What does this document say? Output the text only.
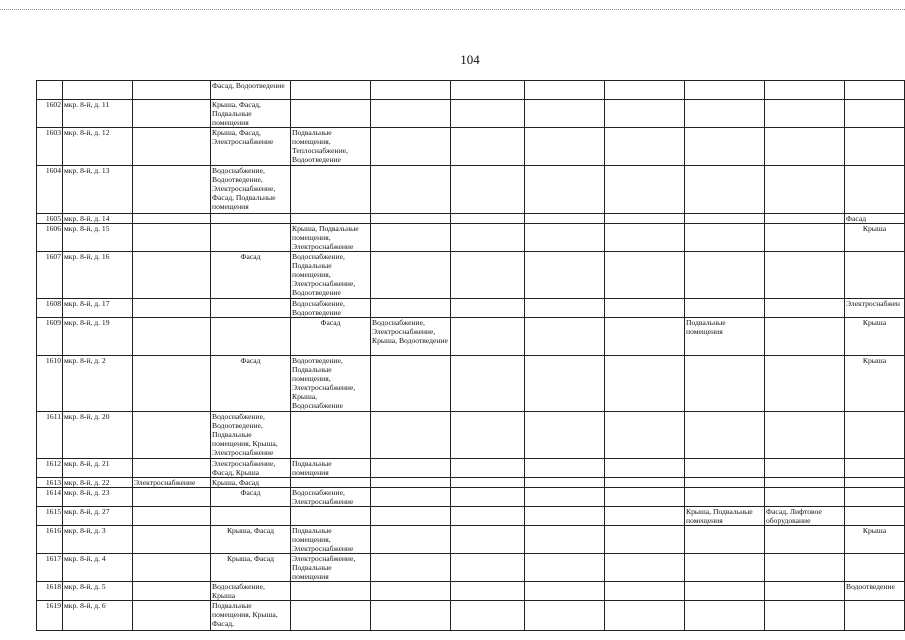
104
			Фасад, Водоотведение								
1602	мкр. 8-й, д. 11		Крыша, Фасад, Подвальные помещения								
1603	мкр. 8-й, д. 12		Крыша, Фасад, Электроснабжение	Подвальные помещения, Теплоснабжение, Водоотведение							
1604	мкр. 8-й, д. 13		Водоснабжение, Водоотведение, Электроснабжение, Фасад, Подвальные помещения								
1605	мкр. 8-й, д. 14										Фасад
1606	мкр. 8-й, д. 15			Крыша, Подвальные помещения, Электроснабжение							Крыша
1607	мкр. 8-й, д. 16		Фасад	Водоснабжение, Подвальные помещения, Электроснабжение, Водоотведение							
1608	мкр. 8-й, д. 17			Водоснабжение, Водоотведение							Электроснабжен
1609	мкр. 8-й, д. 19			Фасад	Водоснабжение, Электроснабжение, Крыша, Водоотведение				Подвальные помещения		Крыша
1610	мкр. 8-й, д. 2		Фасад	Водоотведение, Подвальные помещения, Электроснабжение, Крыша, Водоснабжение							Крыша
1611	мкр. 8-й, д. 20		Водоснабжение, Водоотведение, Подвальные помещения, Крыша, Электроснабжение								
1612	мкр. 8-й, д. 21		Электроснабжение, Фасад, Крыша	Подвальные помещения							
1613	мкр. 8-й, д. 22	Электроснабжение	Крыша, Фасад								
1614	мкр. 8-й, д. 23		Фасад	Водоснабжение, Электроснабжение							
1615	мкр. 8-й, д. 27								Крыша, Подвальные помещения	Фасад, Лифтовое оборудование	
1616	мкр. 8-й, д. 3		Крыша, Фасад	Подвальные помещения, Электроснабжение							Крыша
1617	мкр. 8-й, д. 4		Крыша, Фасад	Электроснабжение, Подвальные помещения							
1618	мкр. 8-й, д. 5		Водоснабжение, Крыша								Водоотведение
1619	мкр. 8-й, д. 6		Подвальные помещения, Крыша, Фасад,								
